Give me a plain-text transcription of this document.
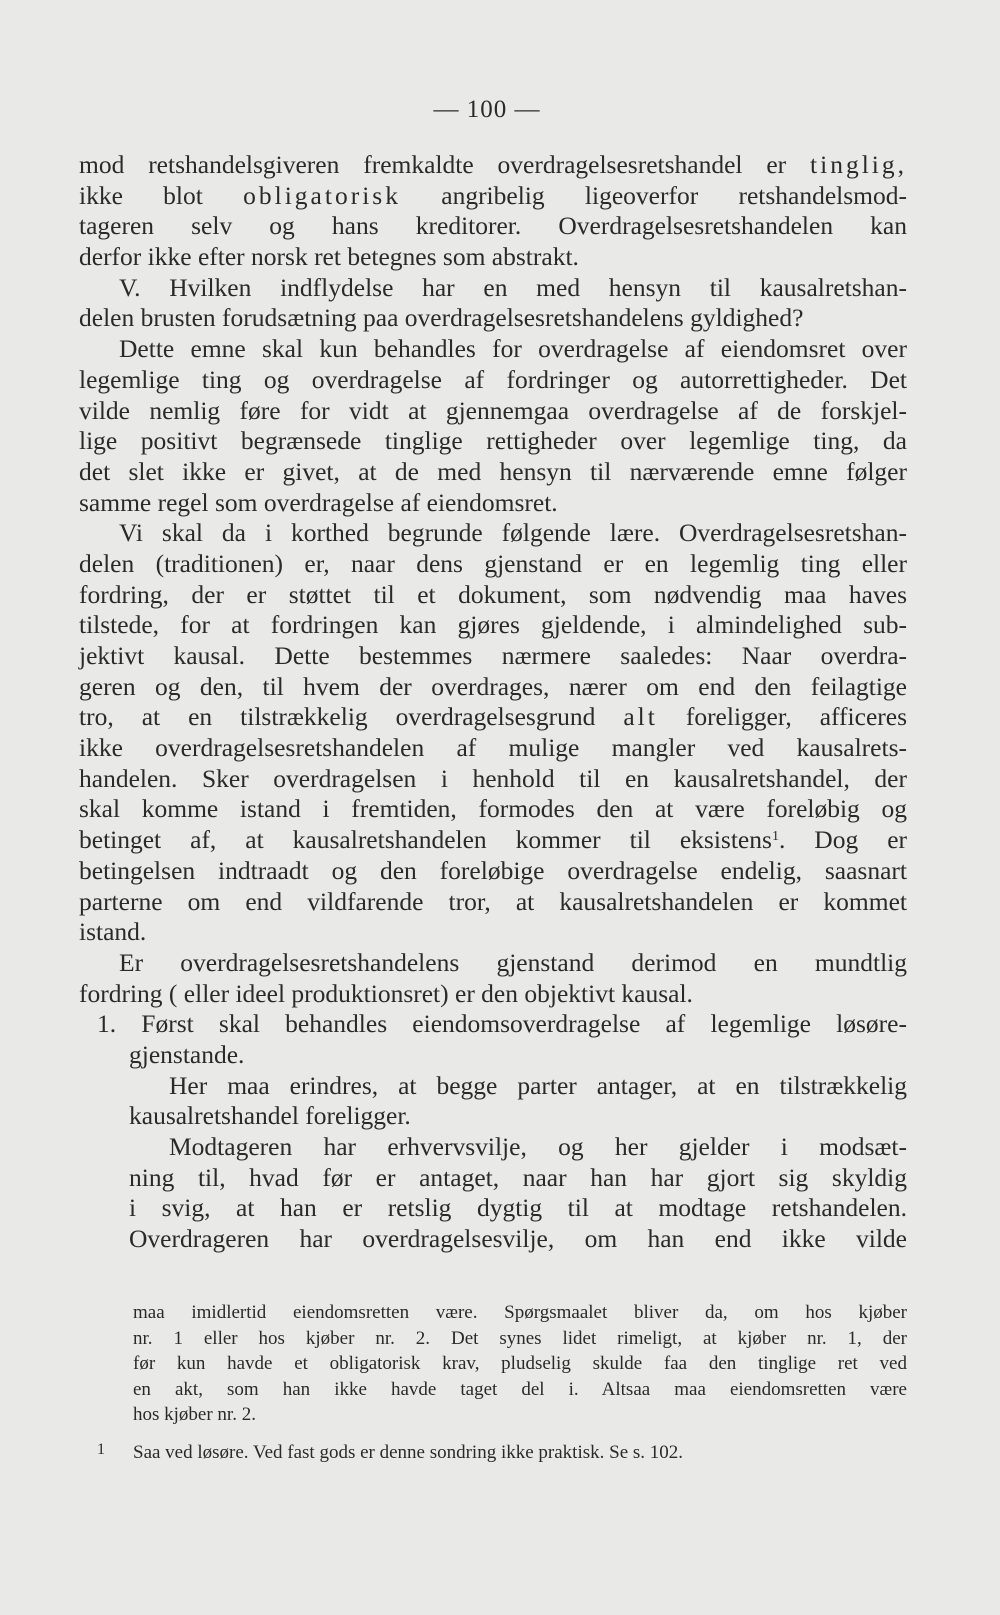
— 100 —
mod retshandelsgiveren fremkaldte overdragelsesretshandel er tinglig,
ikke blot obligatorisk angribelig ligeoverfor retshandelsmod-
tageren selv og hans kreditorer. Overdragelsesretshandelen kan
derfor ikke efter norsk ret betegnes som abstrakt.
V. Hvilken indflydelse har en med hensyn til kausalretshan-
delen brusten forudsætning paa overdragelsesretshandelens gyldighed?
Dette emne skal kun behandles for overdragelse af eiendomsret over
legemlige ting og overdragelse af fordringer og autorrettigheder. Det
vilde nemlig føre for vidt at gjennemgaa overdragelse af de forskjel-
lige positivt begrænsede tinglige rettigheder over legemlige ting, da
det slet ikke er givet, at de med hensyn til nærværende emne følger
samme regel som overdragelse af eiendomsret.
Vi skal da i korthed begrunde følgende lære. Overdragelsesretshan-
delen (traditionen) er, naar dens gjenstand er en legemlig ting eller
fordring, der er støttet til et dokument, som nødvendig maa haves
tilstede, for at fordringen kan gjøres gjeldende, i almindelighed sub-
jektivt kausal. Dette bestemmes nærmere saaledes: Naar overdra-
geren og den, til hvem der overdrages, nærer om end den feilagtige
tro, at en tilstrækkelig overdragelsesgrund alt foreligger, afficeres
ikke overdragelsesretshandelen af mulige mangler ved kausalrets-
handelen. Sker overdragelsen i henhold til en kausalretshandel, der
skal komme istand i fremtiden, formodes den at være foreløbig og
betinget af, at kausalretshandelen kommer til eksistens$^1$. Dog er
betingelsen indtraadt og den foreløbige overdragelse endelig, saasnart
parterne om end vildfarende tror, at kausalretshandelen er kommet
istand.
Er overdragelsesretshandelens gjenstand derimod en mundtlig
fordring ( eller ideel produktionsret) er den objektivt kausal.
1. Først skal behandles eiendomsoverdragelse af legemlige løsøre-
gjenstande.
Her maa erindres, at begge parter antager, at en tilstrækkelig
kausalretshandel foreligger.
Modtageren har erhvervsvilje, og her gjelder i modsæt-
ning til, hvad før er antaget, naar han har gjort sig skyldig
i svig, at han er retslig dygtig til at modtage retshandelen.
Overdrageren har overdragelsesvilje, om han end ikke vilde
maa imidlertid eiendomsretten være. Spørgsmaalet bliver da, om hos kjøber
nr. 1 eller hos kjøber nr. 2. Det synes lidet rimeligt, at kjøber nr. 1, der
før kun havde et obligatorisk krav, pludselig skulde faa den tinglige ret ved
en akt, som han ikke havde taget del i. Altsaa maa eiendomsretten være
hos kjøber nr. 2.
1 Saa ved løsøre. Ved fast gods er denne sondring ikke praktisk. Se s. 102.
